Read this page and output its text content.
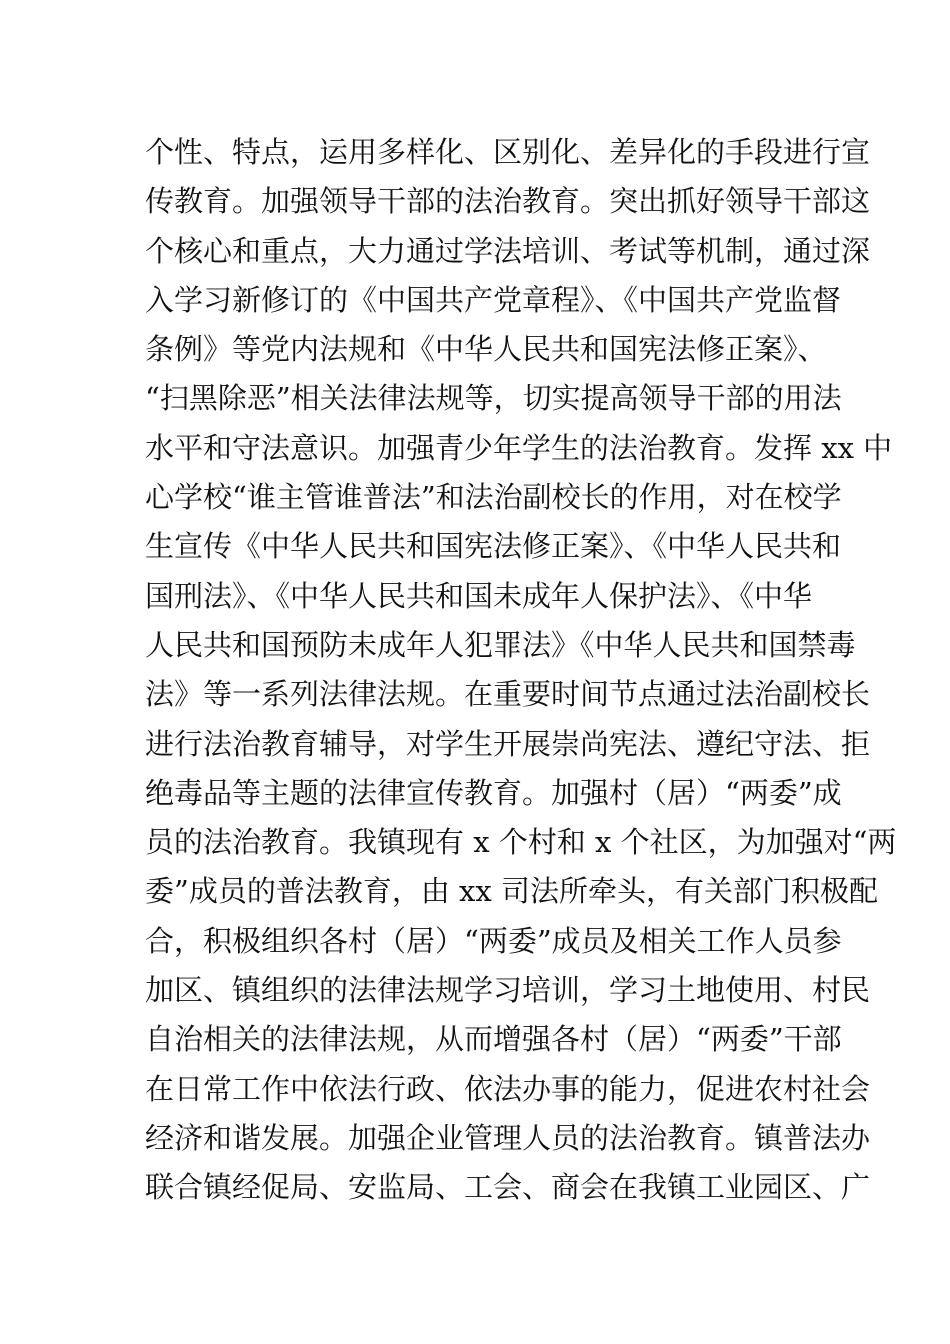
个性、特点，运用多样化、区别化、差异化的手段进行宣
传教育。加强领导干部的法治教育。突出抓好领导干部这
个核心和重点，大力通过学法培训、考试等机制，通过深
入学习新修订的《中国共产党章程》、《中国共产党监督
条例》等党内法规和《中华人民共和国宪法修正案》、
“扫黑除恶”相关法律法规等，切实提高领导干部的用法
水平和守法意识。加强青少年学生的法治教育。发挥 xx 中
心学校“谁主管谁普法”和法治副校长的作用，对在校学
生宣传《中华人民共和国宪法修正案》、《中华人民共和
国刑法》、《中华人民共和国未成年人保护法》、《中华
人民共和国预防未成年人犯罪法》《中华人民共和国禁毒
法》等一系列法律法规。在重要时间节点通过法治副校长
进行法治教育辅导，对学生开展崇尚宪法、遵纪守法、拒
绝毒品等主题的法律宣传教育。加强村（居）“两委”成
员的法治教育。我镇现有 x 个村和 x 个社区，为加强对“两
委”成员的普法教育，由 xx 司法所牵头，有关部门积极配
合，积极组织各村（居）“两委”成员及相关工作人员参
加区、镇组织的法律法规学习培训，学习土地使用、村民
自治相关的法律法规，从而增强各村（居）“两委”干部
在日常工作中依法行政、依法办事的能力，促进农村社会
经济和谐发展。加强企业管理人员的法治教育。镇普法办
联合镇经促局、安监局、工会、商会在我镇工业园区、广
